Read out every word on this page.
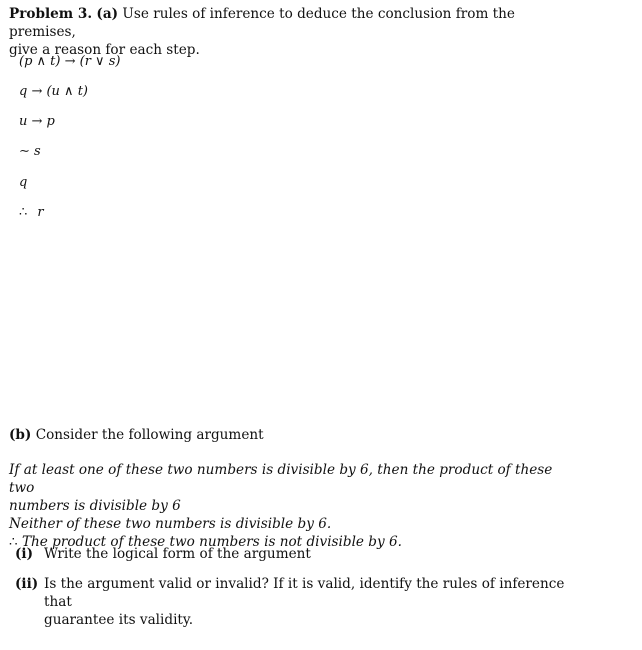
Problem 3. (a) Use rules of inference to deduce the conclusion from the premises,
give a reason for each step.
(p ∧ t) → (r ∨ s)
q → (u ∧ t)
u → p
∼ s
q
∴ r
(b) Consider the following argument
If at least one of these two numbers is divisible by 6, then the product of these two
numbers is divisible by 6
Neither of these two numbers is divisible by 6.
∴ The product of these two numbers is not divisible by 6.
(i) Write the logical form of the argument
(ii) Is the argument valid or invalid? If it is valid, identify the rules of inference that
guarantee its validity.
